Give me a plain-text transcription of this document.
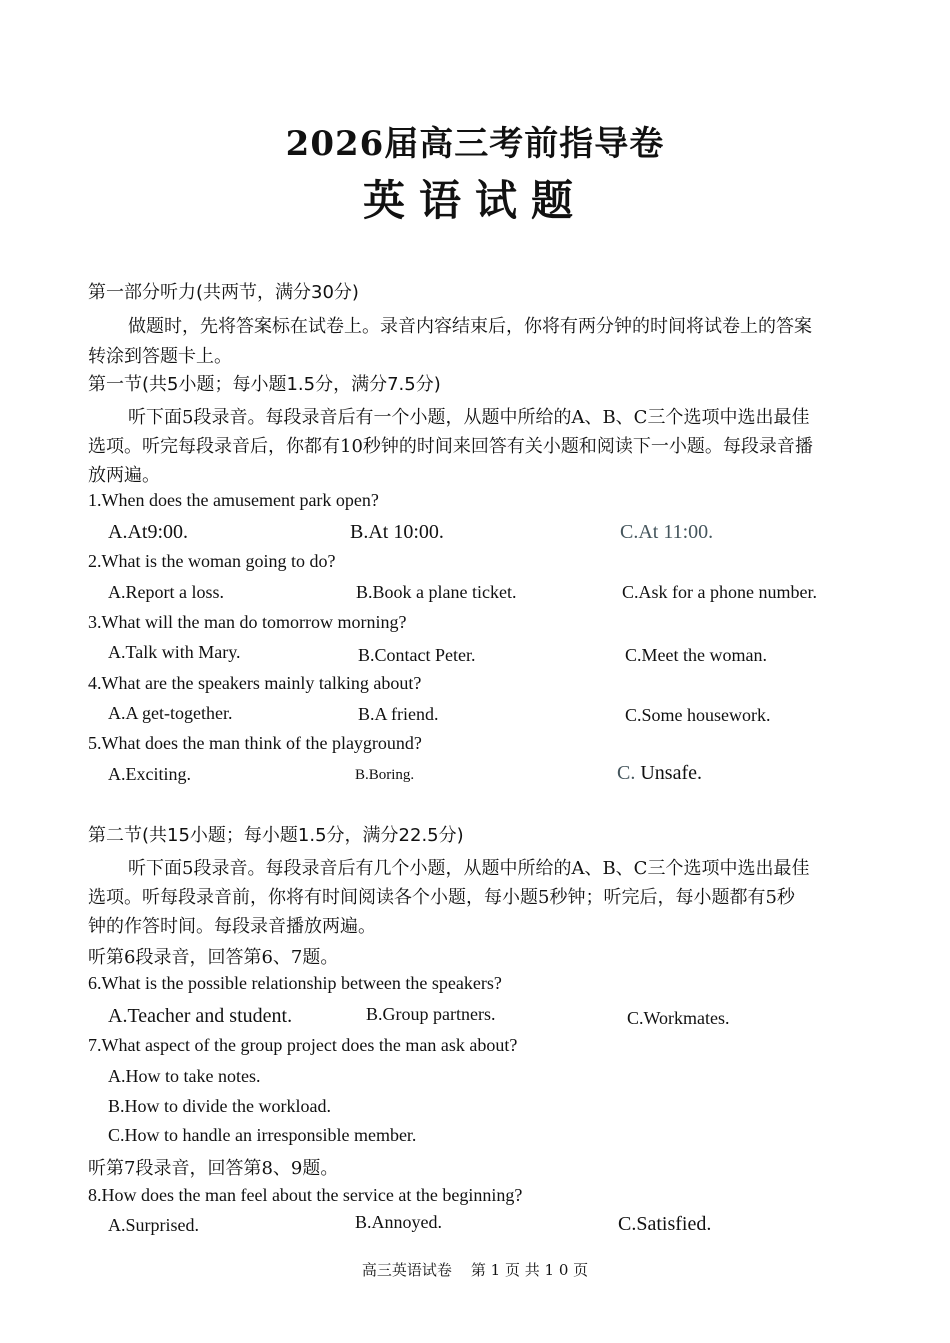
2026届高三考前指导卷
英语试题
第一部分听力(共两节，满分30分)
做题时，先将答案标在试卷上。录音内容结束后，你将有两分钟的时间将试卷上的答案
转涂到答题卡上。
第一节(共5小题；每小题1.5分，满分7.5分)
听下面5段录音。每段录音后有一个小题，从题中所给的A、B、C三个选项中选出最佳
选项。听完每段录音后，你都有10秒钟的时间来回答有关小题和阅读下一小题。每段录音播
放两遍。
1.When does the amusement park open?
A.At9:00.	B.At 10:00.	C.At 11:00.
2.What is the woman going to do?
A.Report a loss.	B.Book a plane ticket.	C.Ask for a phone number.
3.What will the man do tomorrow morning?
A.Talk with Mary.	B.Contact Peter.	C.Meet the woman.
4.What are the speakers mainly talking about?
A.A get-together.	B.A friend.	C.Some housework.
5.What does the man think of the playground?
A.Exciting.	B.Boring.	C. Unsafe.
第二节(共15小题；每小题1.5分，满分22.5分)
听下面5段录音。每段录音后有几个小题，从题中所给的A、B、C三个选项中选出最佳
选项。听每段录音前，你将有时间阅读各个小题，每小题5秒钟；听完后，每小题都有5秒
钟的作答时间。每段录音播放两遍。
听第6段录音，回答第6、7题。
6.What is the possible relationship between the speakers?
A.Teacher and student.	B.Group partners.	C.Workmates.
7.What aspect of the group project does the man ask about?
A.How to take notes.
B.How to divide the workload.
C.How to handle an irresponsible member.
听第7段录音，回答第8、9题。
8.How does the man feel about the service at the beginning?
A.Surprised.	B.Annoyed.	C.Satisfied.
高三英语试卷    第 1 页 共 1 0 页
